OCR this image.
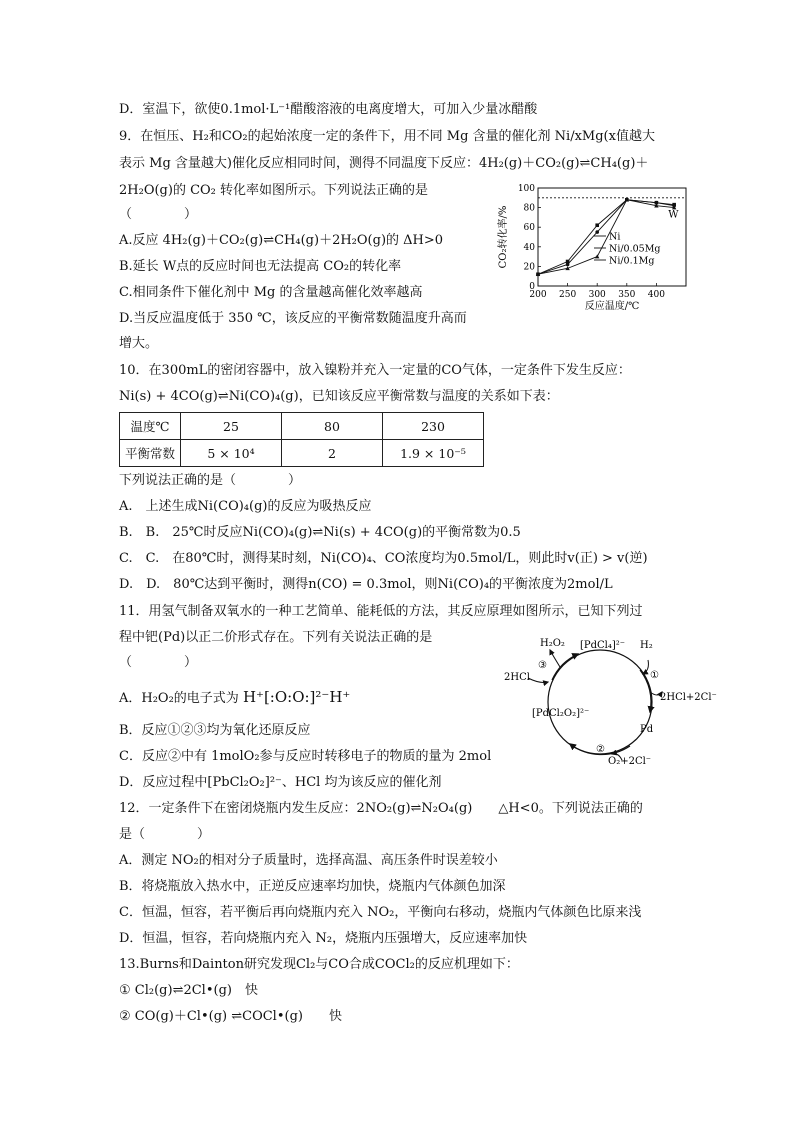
D．室温下，欲使0.1mol·L⁻¹醋酸溶液的电离度增大，可加入少量冰醋酸
9．在恒压、H₂和CO₂的起始浓度一定的条件下，用不同 Mg 含量的催化剂 Ni/xMg(x值越大
表示 Mg 含量越大)催化反应相同时间，测得不同温度下反应：4H₂(g)＋CO₂(g)⇌CH₄(g)＋
2H₂O(g)的 CO₂ 转化率如图所示。下列说法正确的是
（　　　　）
A.反应 4H₂(g)＋CO₂(g)⇌CH₄(g)＋2H₂O(g)的 ΔH>0
B.延长 W点的反应时间也无法提高 CO₂的转化率
C.相同条件下催化剂中 Mg 的含量越高催化效率越高
D.当反应温度低于 350 ℃，该反应的平衡常数随温度升高而
增大。
0
20
40
60
80
100
200 250 300 350 400
反应温度/℃
CO₂转化率/%	Ni
Ni/0.05Mg
Ni/0.1Mg
W
10．在300mL的密闭容器中，放入镍粉并充入一定量的CO气体，一定条件下发生反应：
Ni(s) + 4CO(g)⇌Ni(CO)₄(g)，已知该反应平衡常数与温度的关系如下表：
温度℃	25	80	230
平衡常数	5 × 10⁴	2	1.9 × 10⁻⁵
下列说法正确的是（　　　　）
A.　上述生成Ni(CO)₄(g)的反应为吸热反应
B.　B.　25℃时反应Ni(CO)₄(g)⇌Ni(s) + 4CO(g)的平衡常数为0.5
C.　C.　在80℃时，测得某时刻，Ni(CO)₄、CO浓度均为0.5mol/L，则此时v(正) > v(逆)
D.　D.　80℃达到平衡时，测得n(CO) = 0.3mol，则Ni(CO)₄的平衡浓度为2mol/L
11．用氢气制备双氧水的一种工艺简单、能耗低的方法，其反应原理如图所示，已知下列过
程中钯(Pd)以正二价形式存在。下列有关说法正确的是
（　　　　）
A．H₂O₂的电子式为 H⁺[:O:O:]²⁻H⁺
B．反应①②③均为氧化还原反应
C．反应②中有 1molO₂参与反应时转移电子的物质的量为 2mol
D．反应过程中[PbCl₂O₂]²⁻、HCl 均为该反应的催化剂
[PdCl₄]²⁻
H₂O₂	H₂
①
2HCl+2Cl⁻
Pd
②
O₂+2Cl⁻
[PdCl₂O₂]²⁻
③
2HCl
12．一定条件下在密闭烧瓶内发生反应：2NO₂(g)⇌N₂O₄(g)　　△H<0。下列说法正确的
是（　　　　）
A．测定 NO₂的相对分子质量时，选择高温、高压条件时误差较小
B．将烧瓶放入热水中，正逆反应速率均加快，烧瓶内气体颜色加深
C．恒温，恒容，若平衡后再向烧瓶内充入 NO₂，平衡向右移动，烧瓶内气体颜色比原来浅
D．恒温，恒容，若向烧瓶内充入 N₂，烧瓶内压强增大，反应速率加快
13.Burns和Dainton研究发现Cl₂与CO合成COCl₂的反应机理如下：
① Cl₂(g)⇌2Cl•(g)　快
② CO(g)＋Cl•(g) ⇌COCl•(g)　　快
